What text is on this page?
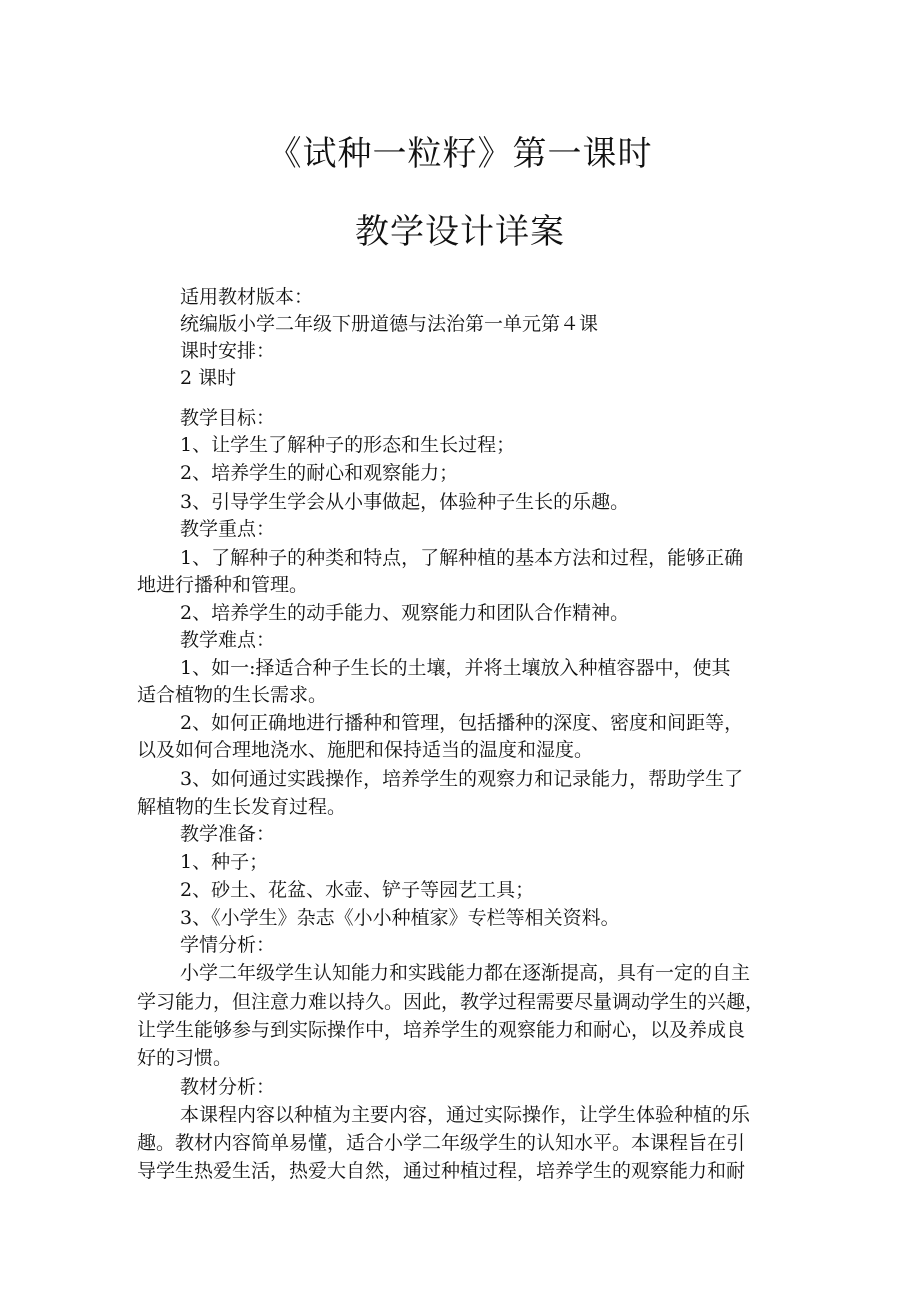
《试种一粒籽》第一课时
教学设计详案
适用教材版本：
统编版小学二年级下册道德与法治第一单元第４课
课时安排：
2 课时
教学目标：
1、让学生了解种子的形态和生长过程；
2、培养学生的耐心和观察能力；
3、引导学生学会从小事做起，体验种子生长的乐趣。
教学重点：
1、了解种子的种类和特点，了解种植的基本方法和过程，能够正确
地进行播种和管理。
2、培养学生的动手能力、观察能力和团队合作精神。
教学难点：
1、如一:择适合种子生长的土壤，并将土壤放入种植容器中，使其
适合植物的生长需求。
2、如何正确地进行播种和管理，包括播种的深度、密度和间距等，
以及如何合理地浇水、施肥和保持适当的温度和湿度。
3、如何通过实践操作，培养学生的观察力和记录能力，帮助学生了
解植物的生长发育过程。
教学准备：
1、种子；
2、砂土、花盆、水壶、铲子等园艺工具；
3、《小学生》杂志《小小种植家》专栏等相关资料。
学情分析：
小学二年级学生认知能力和实践能力都在逐渐提高，具有一定的自主
学习能力，但注意力难以持久。因此，教学过程需要尽量调动学生的兴趣，
让学生能够参与到实际操作中，培养学生的观察能力和耐心，以及养成良
好的习惯。
教材分析：
本课程内容以种植为主要内容，通过实际操作，让学生体验种植的乐
趣。教材内容简单易懂，适合小学二年级学生的认知水平。本课程旨在引
导学生热爱生活，热爱大自然，通过种植过程，培养学生的观察能力和耐
